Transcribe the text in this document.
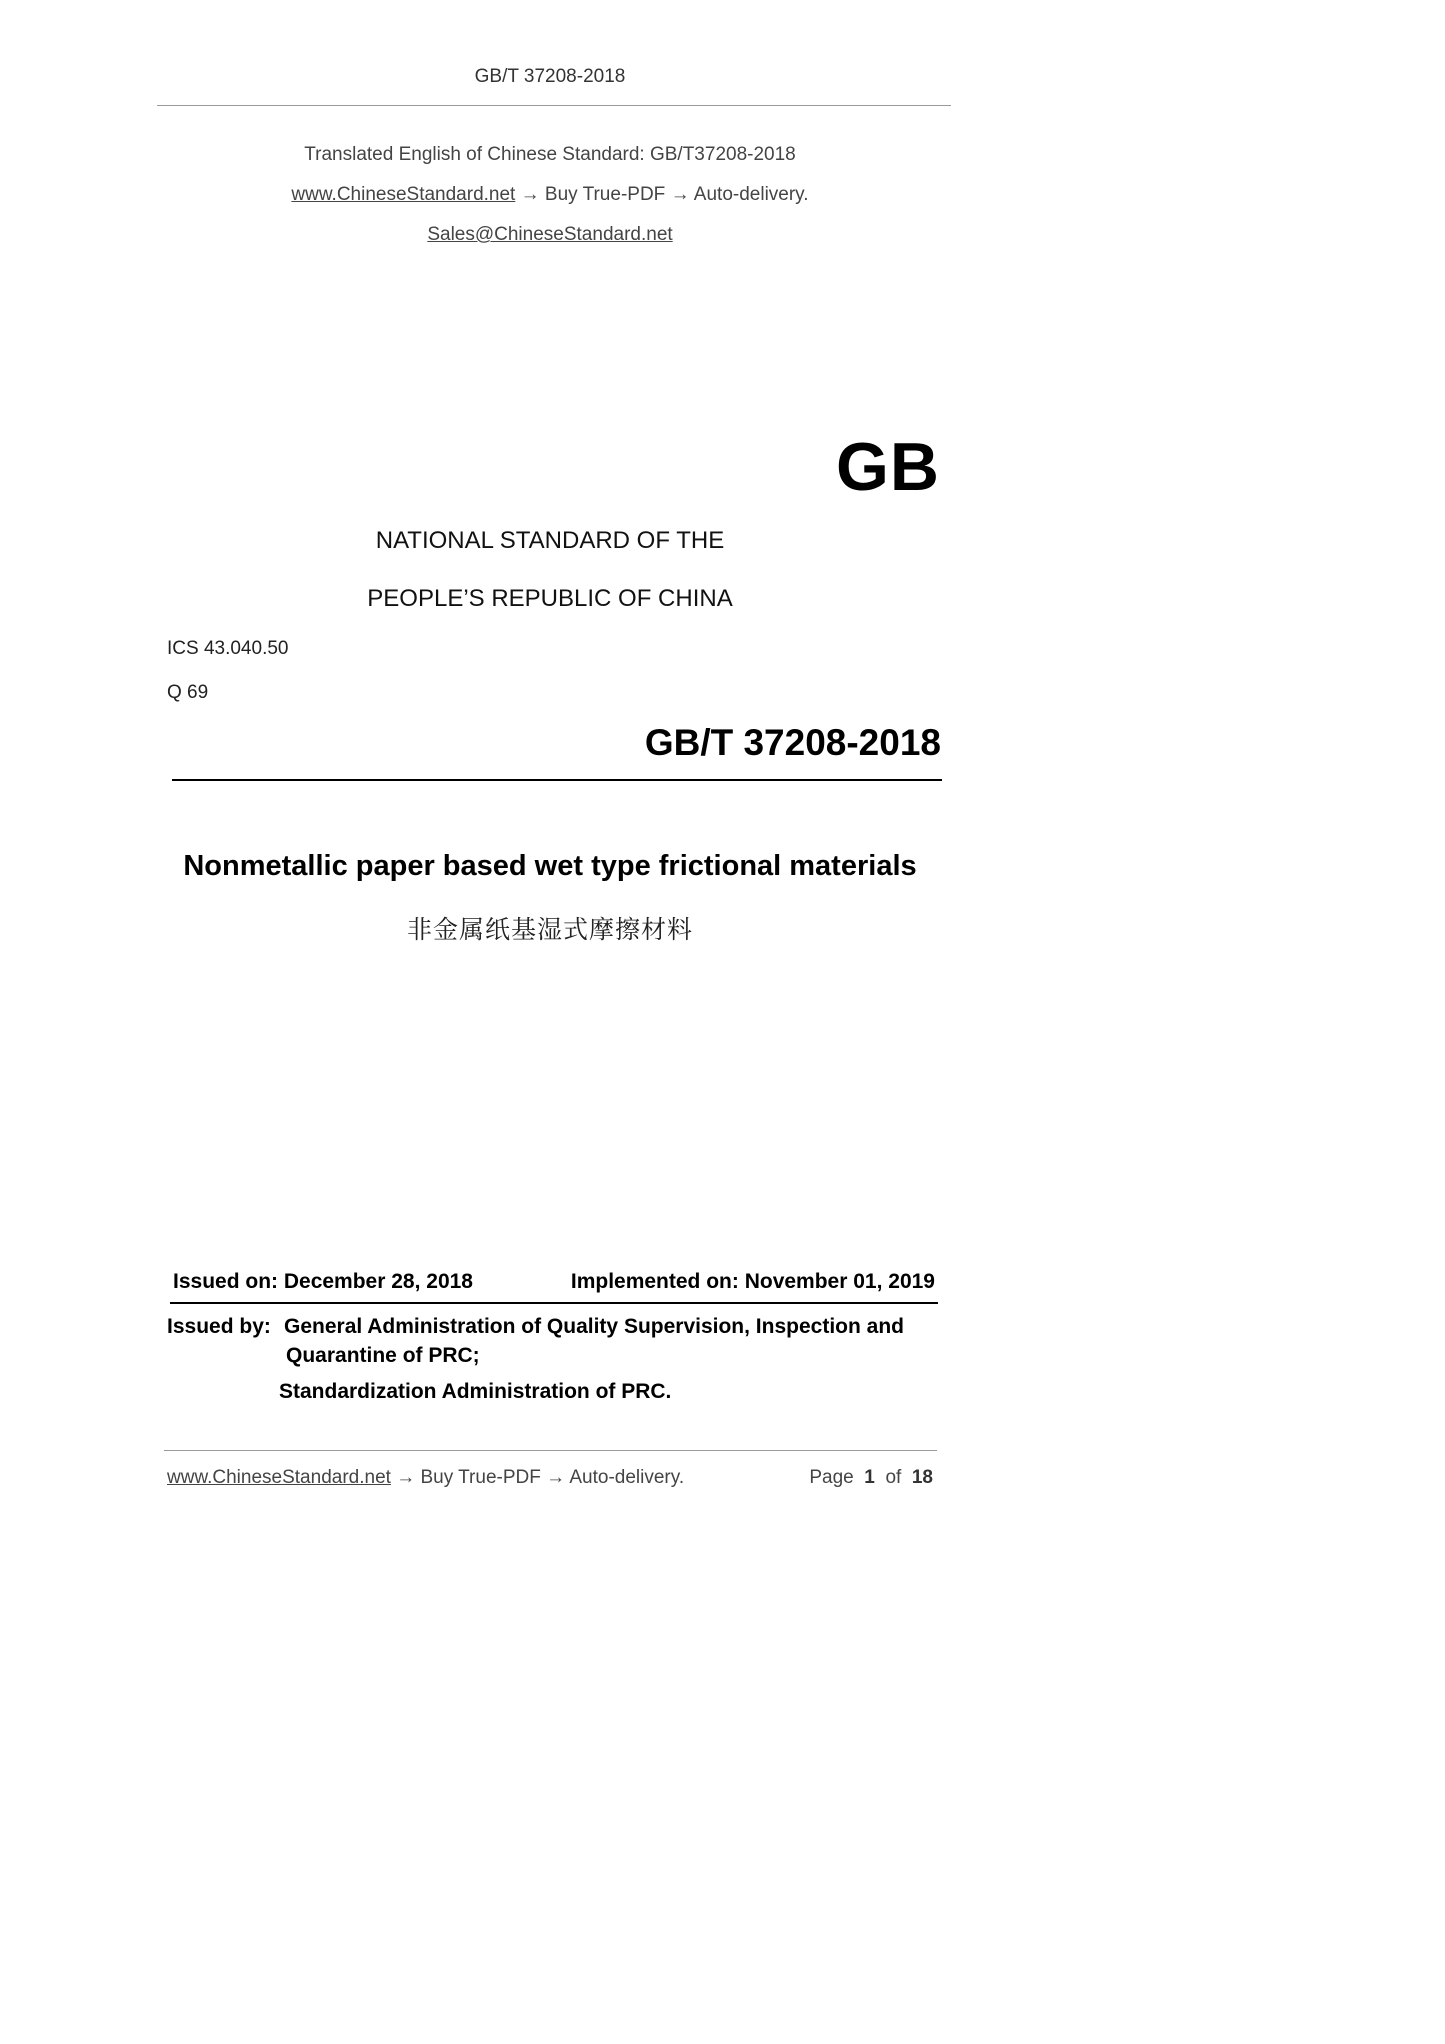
GB/T 37208-2018
Translated English of Chinese Standard: GB/T37208-2018
www.ChineseStandard.net → Buy True-PDF → Auto-delivery.
Sales@ChineseStandard.net
GB
NATIONAL STANDARD OF THE
PEOPLE’S REPUBLIC OF CHINA
ICS 43.040.50
Q 69
GB/T 37208-2018
Nonmetallic paper based wet type frictional materials
非金属纸基湿式摩擦材料
Issued on: December 28, 2018	Implemented on: November 01, 2019
Issued by: General Administration of Quality Supervision, Inspection and
Quarantine of PRC;
Standardization Administration of PRC.
www.ChineseStandard.net → Buy True-PDF → Auto-delivery.	Page 1 of 18
